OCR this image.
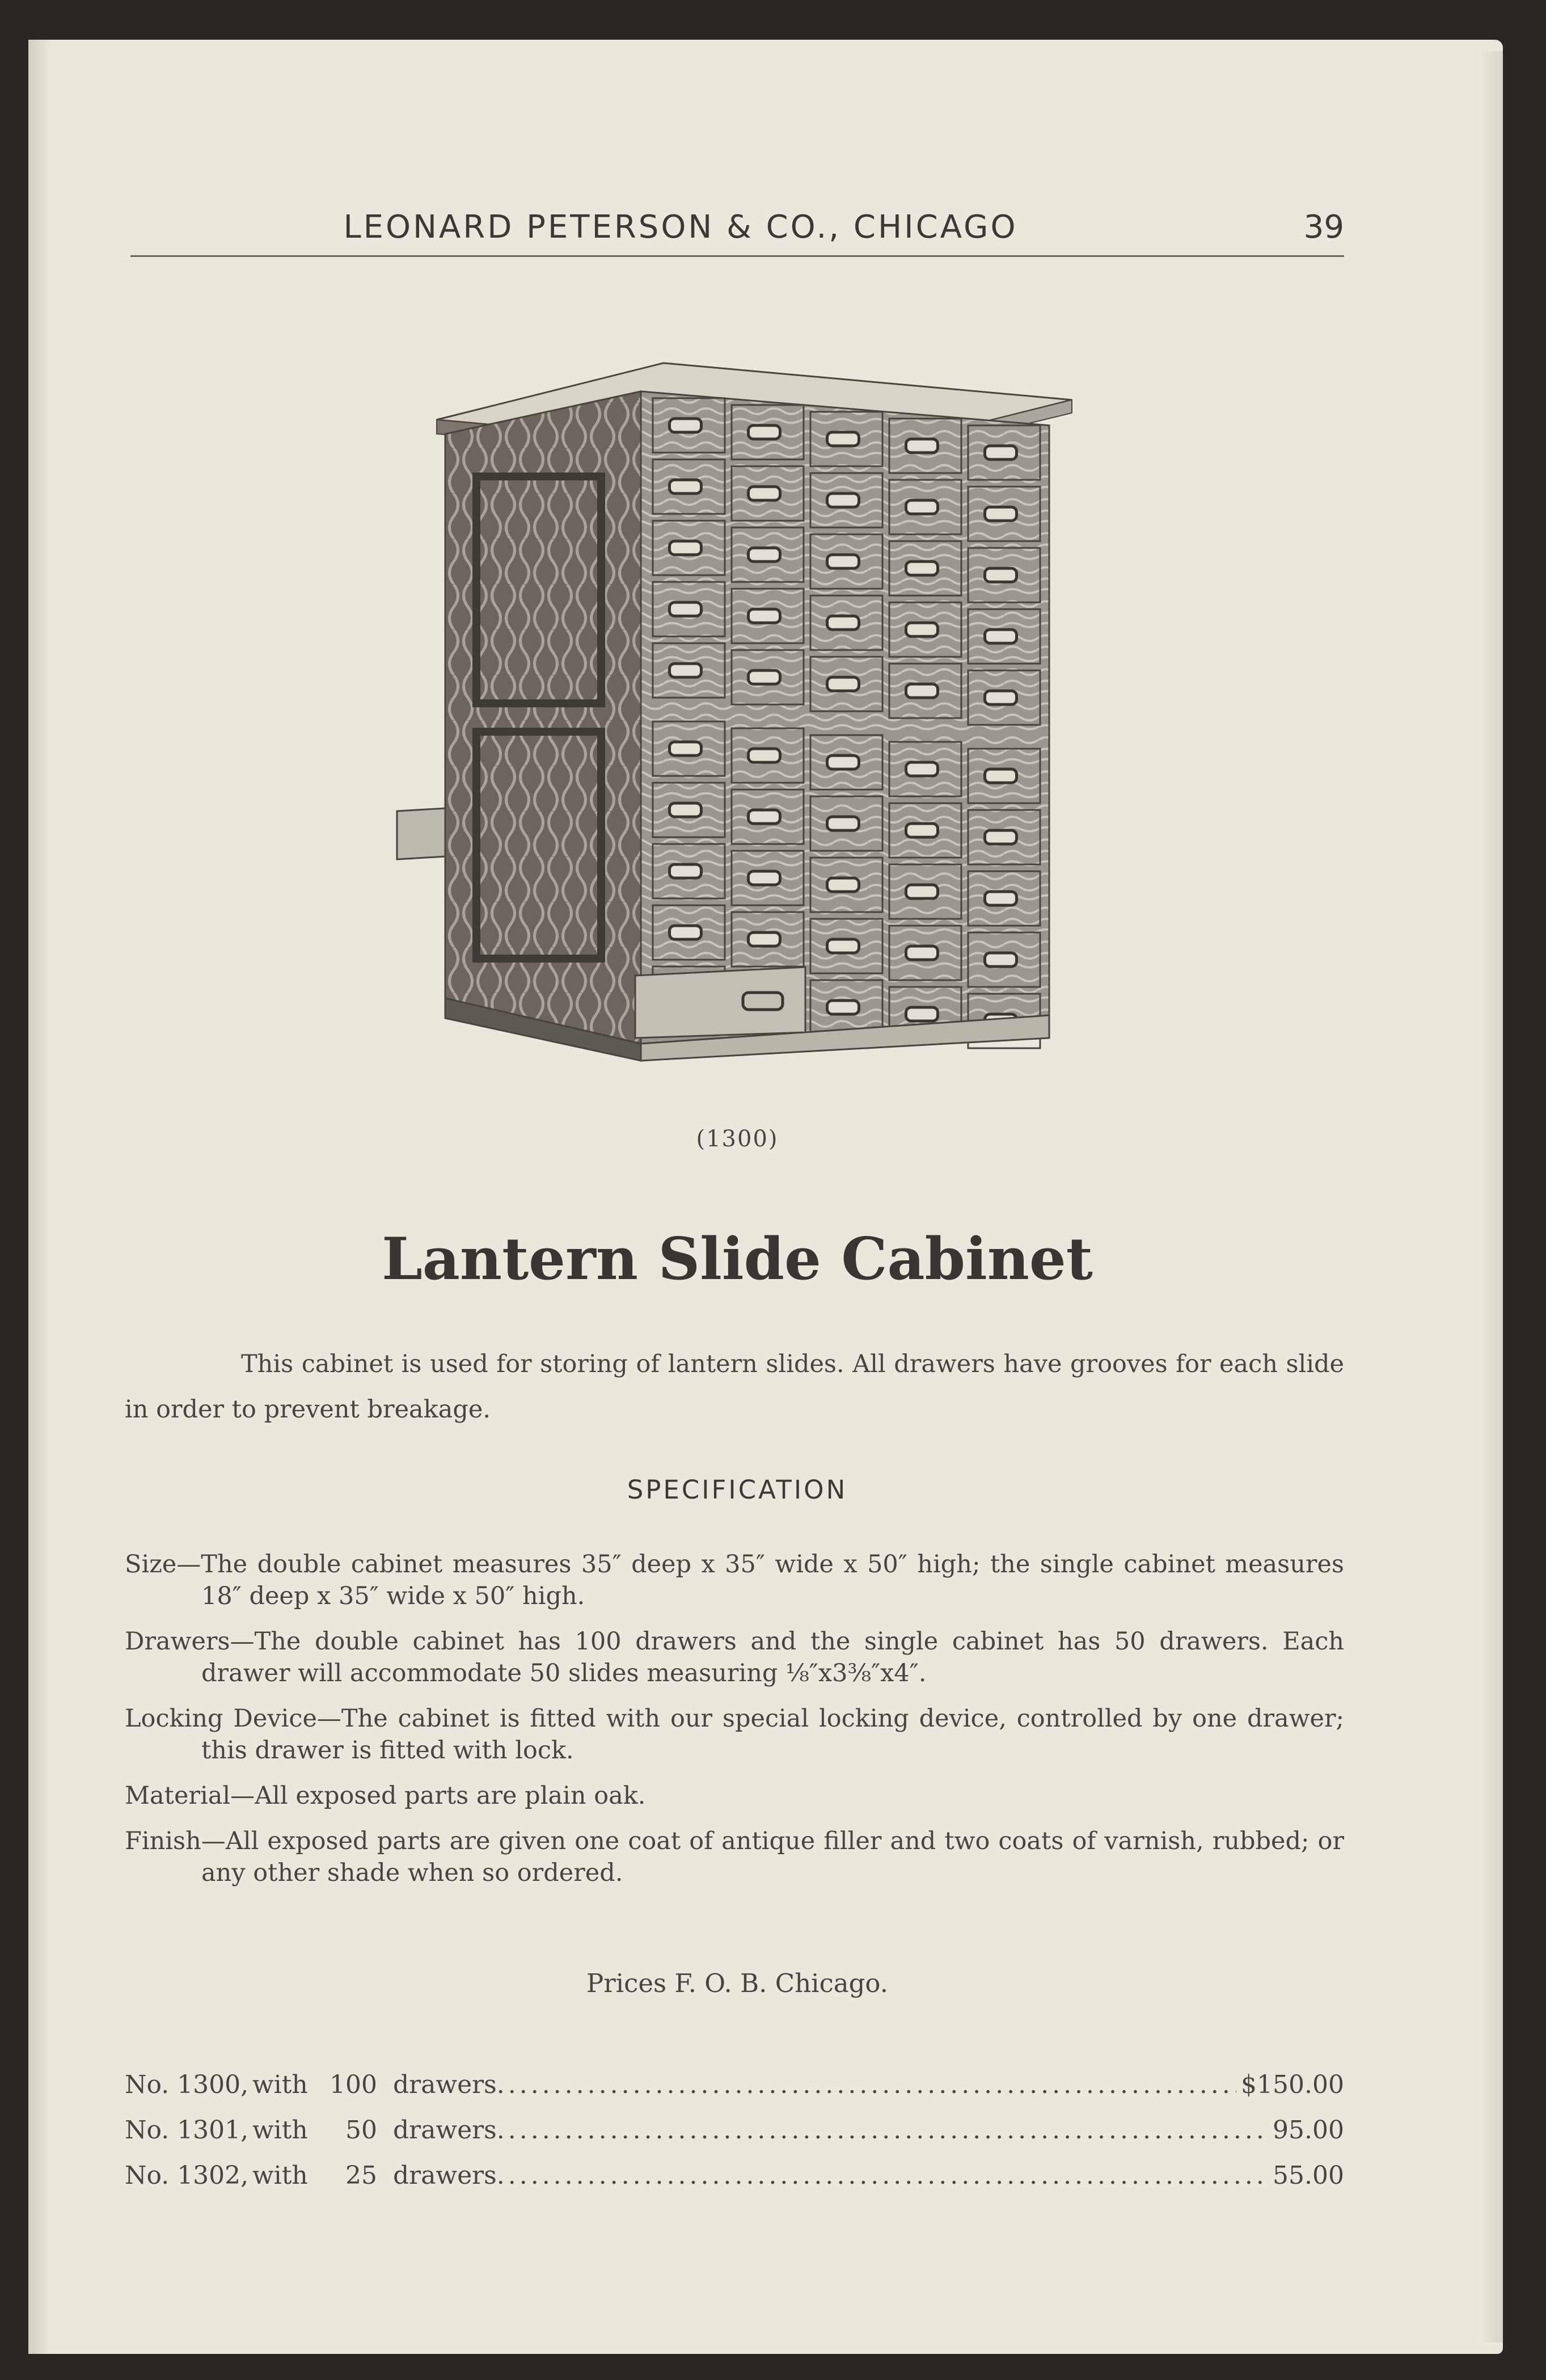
LEONARD PETERSON & CO., CHICAGO	39
(1300)
Lantern Slide Cabinet
This cabinet is used for storing of lantern slides. All drawers have grooves for each slide in order to prevent breakage.
SPECIFICATION
Size—The double cabinet measures 35″ deep x 35″ wide x 50″ high; the single cabinet measures 18″ deep x 35″ wide x 50″ high.
Drawers—The double cabinet has 100 drawers and the single cabinet has 50 drawers. Each drawer will accommodate 50 slides measuring ⅛″x3⅜″x4″.
Locking Device—The cabinet is fitted with our special locking device, controlled by one drawer; this drawer is fitted with lock.
Material—All exposed parts are plain oak.
Finish—All exposed parts are given one coat of antique filler and two coats of varnish, rubbed; or any other shade when so ordered.
Prices F. O. B. Chicago.
No. 1300, with 100 drawers .....	$150.00
No. 1301, with	50 drawers .....	95.00
No. 1302, with	25 drawers .....	55.00
